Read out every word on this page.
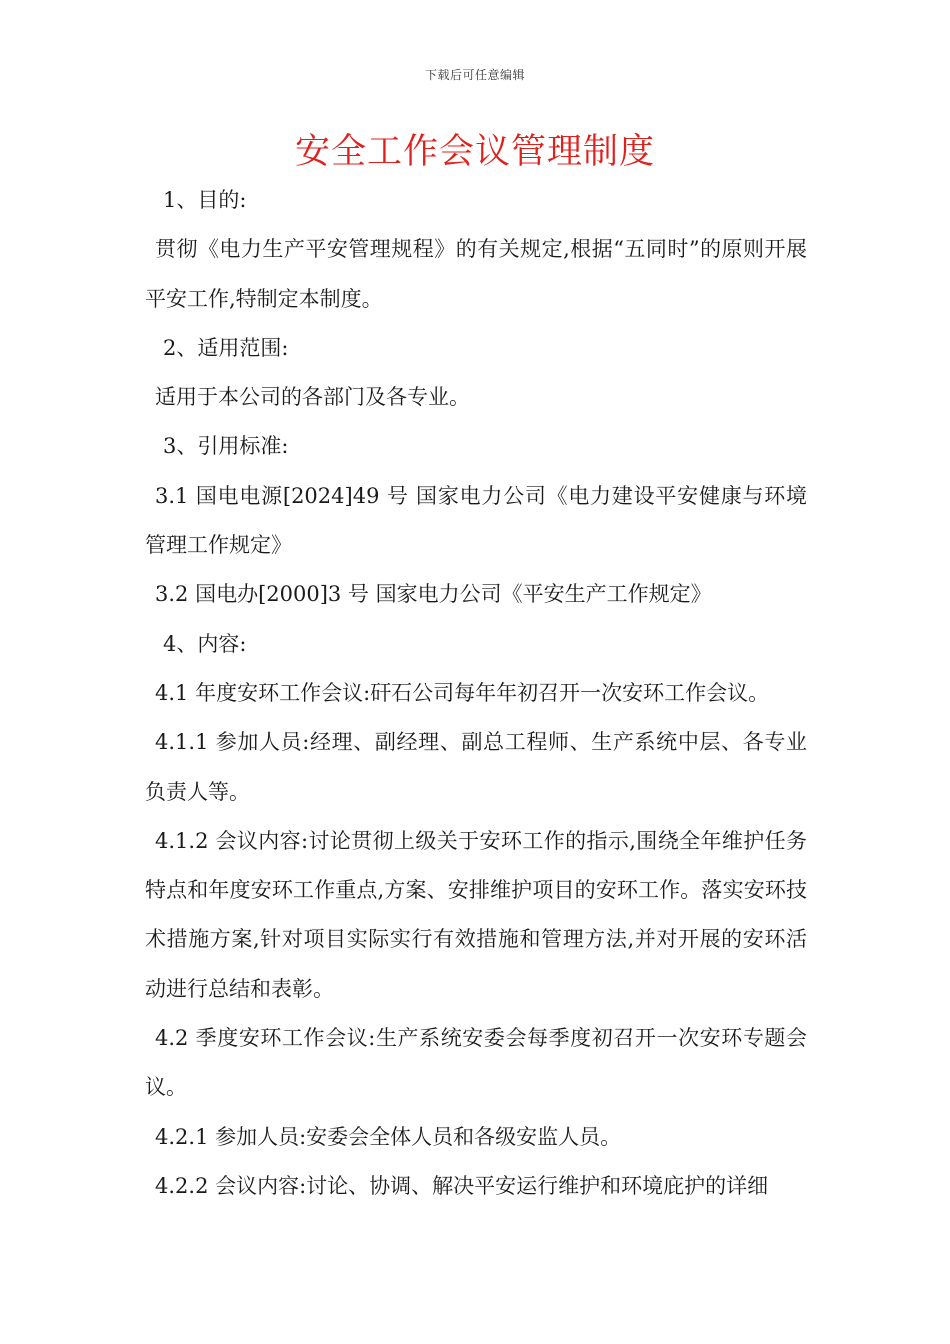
下载后可任意编辑
安全工作会议管理制度

1、目的:

贯彻《电力生产平安管理规程》的有关规定,根据“五同时”的原则开展平安工作,特制定本制度。

2、适用范围:

适用于本公司的各部门及各专业。

3、引用标准:

3.1 国电电源[2024]49 号 国家电力公司《电力建设平安健康与环境管理工作规定》

3.2 国电办[2000]3 号 国家电力公司《平安生产工作规定》

4、内容:

4.1 年度安环工作会议:矸石公司每年年初召开一次安环工作会议。

4.1.1 参加人员:经理、副经理、副总工程师、生产系统中层、各专业负责人等。

4.1.2 会议内容:讨论贯彻上级关于安环工作的指示,围绕全年维护任务特点和年度安环工作重点,方案、安排维护项目的安环工作。落实安环技术措施方案,针对项目实际实行有效措施和管理方法,并对开展的安环活动进行总结和表彰。

4.2 季度安环工作会议:生产系统安委会每季度初召开一次安环专题会议。

4.2.1 参加人员:安委会全体人员和各级安监人员。

4.2.2 会议内容:讨论、协调、解决平安运行维护和环境庇护的详细
